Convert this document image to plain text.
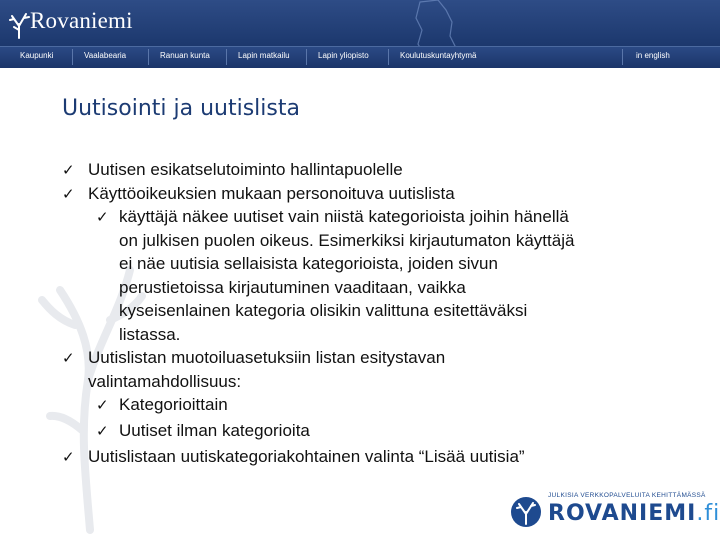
Rovaniemi
Kaupunki	Vaalabearia	Ranuan kunta	Lapin matkailu	Lapin yliopisto	Koulutuskuntayhtymä	in english
Uutisointi ja uutislista
✓ Uutisen esikatselutoiminto hallintapuolelle
✓ Käyttöoikeuksien mukaan personoituva uutislista
✓ käyttäjä näkee uutiset vain niistä kategorioista joihin hänellä
on julkisen puolen oikeus. Esimerkiksi kirjautumaton käyttäjä
ei näe uutisia sellaisista kategorioista, joiden sivun
perustietoissa kirjautuminen vaaditaan, vaikka
kyseisenlainen kategoria olisikin valittuna esitettäväksi
listassa.
✓ Uutislistan muotoiluasetuksiin listan esitystavan
valintamahdollisuus:
✓ Kategorioittain
✓ Uutiset ilman kategorioita
✓ Uutislistaan uutiskategoriakohtainen valinta “Lisää uutisia”
JULKISIA VERKKOPALVELUITA KEHITTÄMÄSSÄ
ROVANIEMI.fi
